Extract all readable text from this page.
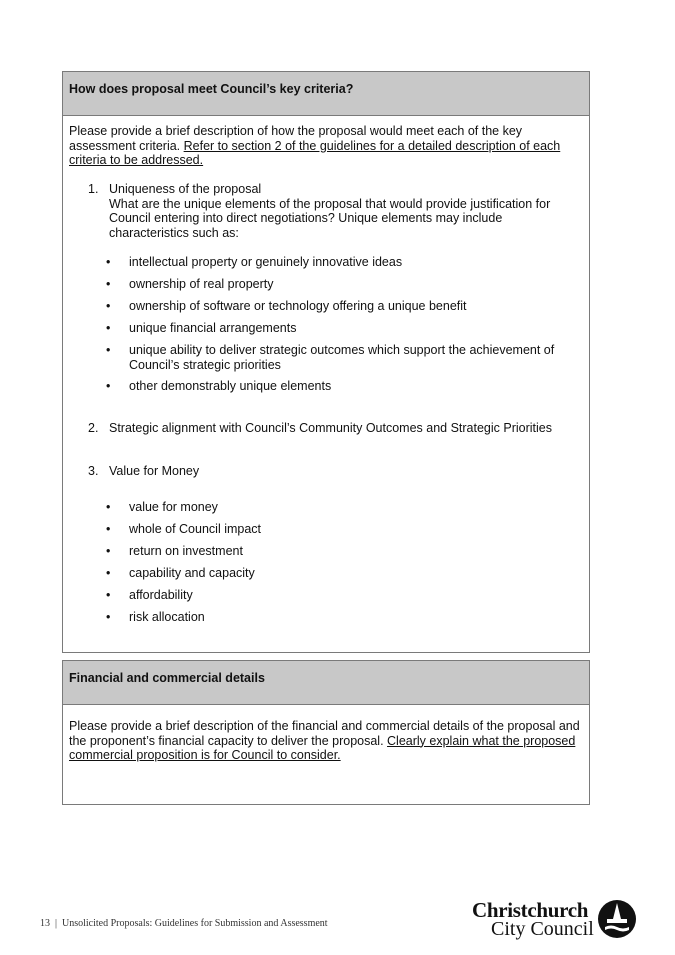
How does proposal meet Council’s key criteria?
Please provide a brief description of how the proposal would meet each of the key assessment criteria. Refer to section 2 of the guidelines for a detailed description of each criteria to be addressed.
1. Uniqueness of the proposal
What are the unique elements of the proposal that would provide justification for Council entering into direct negotiations? Unique elements may include characteristics such as:
• intellectual property or genuinely innovative ideas
• ownership of real property
• ownership of software or technology offering a unique benefit
• unique financial arrangements
• unique ability to deliver strategic outcomes which support the achievement of Council’s strategic priorities
• other demonstrably unique elements
2. Strategic alignment with Council’s Community Outcomes and Strategic Priorities
3. Value for Money
• value for money
• whole of Council impact
• return on investment
• capability and capacity
• affordability
• risk allocation
Financial and commercial details
Please provide a brief description of the financial and commercial details of the proposal and the proponent’s financial capacity to deliver the proposal. Clearly explain what the proposed commercial proposition is for Council to consider.
13 | Unsolicited Proposals: Guidelines for Submission and Assessment
Christchurch
City Council
